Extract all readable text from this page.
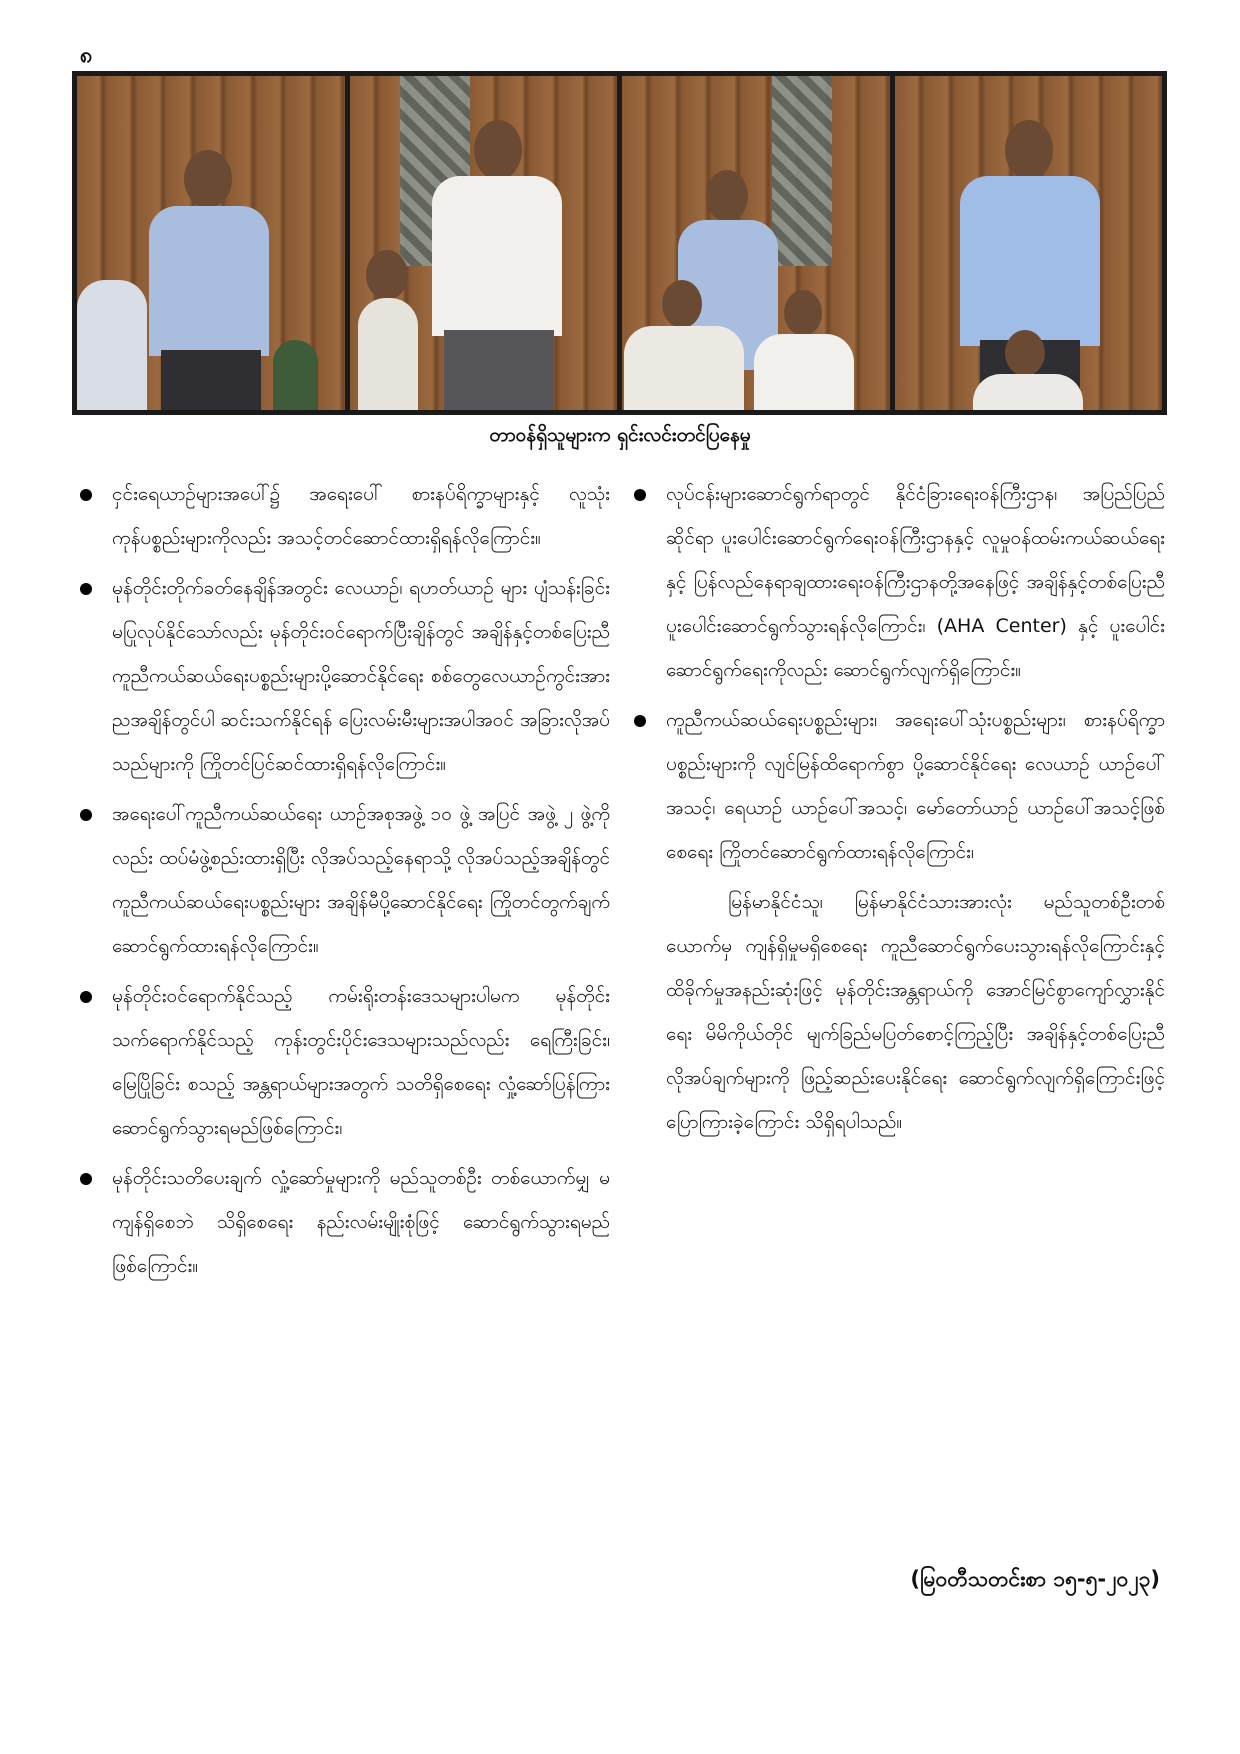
၈
တာဝန်ရှိသူများက ရှင်းလင်းတင်ပြနေမှု
ငှင်းရေယာဉ်များအပေါ်၌ အရေးပေါ် စားနပ်ရိက္ခာများနှင့် လူသုံးကုန်ပစ္စည်းများကိုလည်း အသင့်တင်ဆောင်ထားရှိရန်လိုကြောင်း။
မုန်တိုင်းတိုက်ခတ်နေချိန်အတွင်း လေယာဉ်၊ ရဟတ်ယာဉ် များ ပျံသန်းခြင်းမပြုလုပ်နိုင်သော်လည်း မုန်တိုင်းဝင်ရောက်ပြီးချိန်တွင် အချိန်နှင့်တစ်ပြေးညီ ကူညီကယ်ဆယ်ရေးပစ္စည်းများပို့ဆောင်နိုင်ရေး စစ်တွေလေယာဉ်ကွင်းအား ညအချိန်တွင်ပါ ဆင်းသက်နိုင်ရန် ပြေးလမ်းမီးများအပါအဝင် အခြားလိုအပ်သည်များကို ကြိုတင်ပြင်ဆင်ထားရှိရန်လိုကြောင်း။
အရေးပေါ်ကူညီကယ်ဆယ်ရေး ယာဉ်အစုအဖွဲ့ ၁၀ ဖွဲ့ အပြင် အဖွဲ့ ၂ ဖွဲ့ကိုလည်း ထပ်မံဖွဲ့စည်းထားရှိပြီး လိုအပ်သည့်နေရာသို့ လိုအပ်သည့်အချိန်တွင် ကူညီကယ်ဆယ်ရေးပစ္စည်းများ အချိန်မီပို့ဆောင်နိုင်ရေး ကြိုတင်တွက်ချက်ဆောင်ရွက်ထားရန်လိုကြောင်း။
မုန်တိုင်းဝင်ရောက်နိုင်သည့် ကမ်းရိုးတန်းဒေသများပါမက မုန်တိုင်းသက်ရောက်နိုင်သည့် ကုန်းတွင်းပိုင်းဒေသများသည်လည်း ရေကြီးခြင်း၊ မြေပြိုခြင်း စသည့် အန္တရာယ်များအတွက် သတိရှိစေရေး လှုံ့ဆော်ပြန်ကြားဆောင်ရွက်သွားရမည်ဖြစ်ကြောင်း၊
မုန်တိုင်းသတိပေးချက် လှုံ့ဆော်မှုများကို မည်သူတစ်ဦး တစ်ယောက်မျှ မကျန်ရှိစေဘဲ သိရှိစေရေး နည်းလမ်းမျိုးစုံဖြင့် ဆောင်ရွက်သွားရမည်ဖြစ်ကြောင်း။
လုပ်ငန်းများဆောင်ရွက်ရာတွင် နိုင်ငံခြားရေးဝန်ကြီးဌာန၊ အပြည်ပြည်ဆိုင်ရာ ပူးပေါင်းဆောင်ရွက်ရေးဝန်ကြီးဌာနနှင့် လူမှုဝန်ထမ်းကယ်ဆယ်ရေးနှင့် ပြန်လည်နေရာချထားရေးဝန်ကြီးဌာနတို့အနေဖြင့် အချိန်နှင့်တစ်ပြေးညီ ပူးပေါင်းဆောင်ရွက်သွားရန်လိုကြောင်း၊ (AHA Center) နှင့် ပူးပေါင်းဆောင်ရွက်ရေးကိုလည်း ဆောင်ရွက်လျက်ရှိကြောင်း။
ကူညီကယ်ဆယ်ရေးပစ္စည်းများ၊ အရေးပေါ်သုံးပစ္စည်းများ၊ စားနပ်ရိက္ခာပစ္စည်းများကို လျင်မြန်ထိရောက်စွာ ပို့ဆောင်နိုင်ရေး လေယာဉ် ယာဉ်ပေါ်အသင့်၊ ရေယာဉ် ယာဉ်ပေါ်အသင့်၊ မော်တော်ယာဉ် ယာဉ်ပေါ်အသင့်ဖြစ်စေရေး ကြိုတင်ဆောင်ရွက်ထားရန်လိုကြောင်း၊

မြန်မာနိုင်ငံသူ၊ မြန်မာနိုင်ငံသားအားလုံး မည်သူတစ်ဦးတစ်ယောက်မှ ကျန်ရှိမှုမရှိစေရေး ကူညီဆောင်ရွက်ပေးသွားရန်လိုကြောင်းနှင့် ထိခိုက်မှုအနည်းဆုံးဖြင့် မုန်တိုင်းအန္တရာယ်ကို အောင်မြင်စွာကျော်လွှားနိုင်ရေး မိမိကိုယ်တိုင် မျက်ခြည်မပြတ်စောင့်ကြည့်ပြီး အချိန်နှင့်တစ်ပြေးညီလိုအပ်ချက်များကို ဖြည့်ဆည်းပေးနိုင်ရေး ဆောင်ရွက်လျက်ရှိကြောင်းဖြင့် ပြောကြားခဲ့ကြောင်း သိရှိရပါသည်။

(မြဝတီသတင်းစာ ၁၅-၅-၂၀၂၃)
